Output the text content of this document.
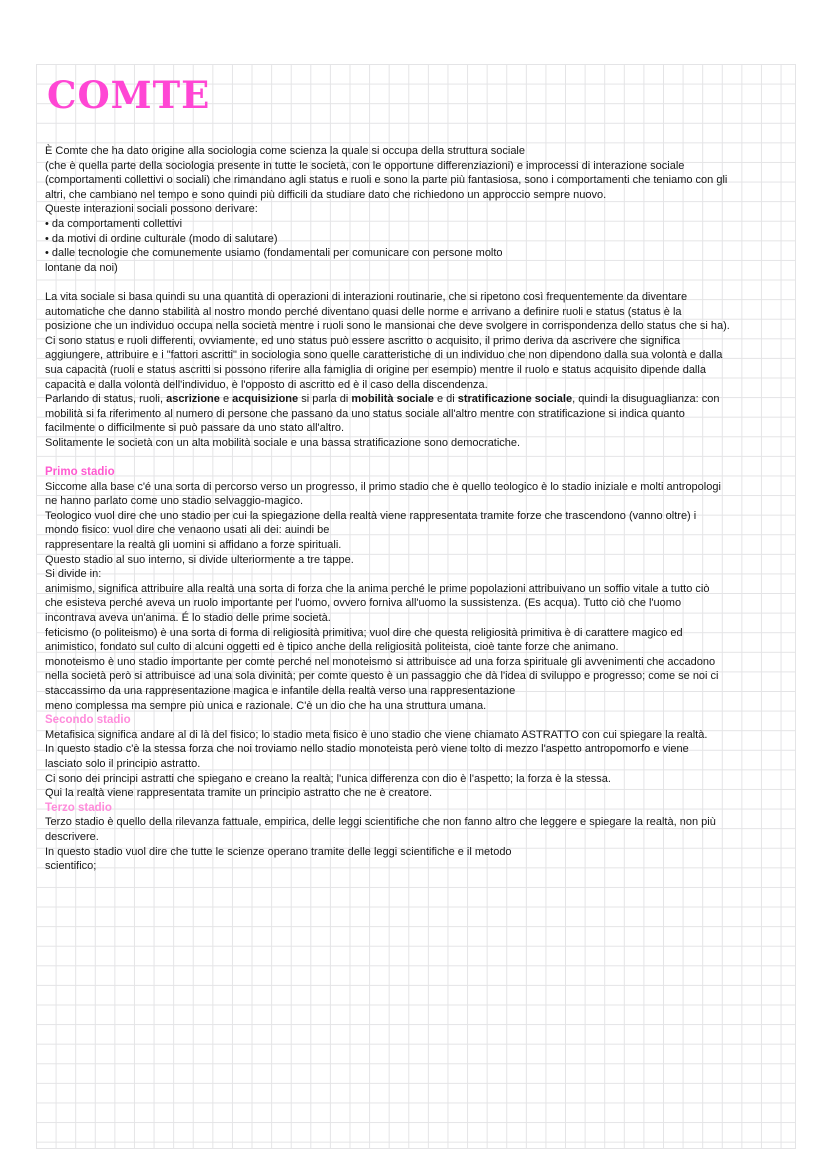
COMTE
È Comte che ha dato origine alla sociologia come scienza la quale si occupa della struttura sociale
(che è quella parte della sociologia presente in tutte le società, con le opportune differenziazioni) e improcessi di interazione sociale
(comportamenti collettivi o sociali) che rimandano agli status e ruoli e sono la parte più fantasiosa, sono i comportamenti che teniamo con gli
altri, che cambiano nel tempo e sono quindi più difficili da studiare dato che richiedono un approccio sempre nuovo.
Queste interazioni sociali possono derivare:
• da comportamenti collettivi
• da motivi di ordine culturale (modo di salutare)
• dalle tecnologie che comunemente usiamo (fondamentali per comunicare con persone molto
lontane da noi)

La vita sociale si basa quindi su una quantità di operazioni di interazioni routinarie, che si ripetono così frequentemente da diventare
automatiche che danno stabilità al nostro mondo perché diventano quasi delle norme e arrivano a definire ruoli e status (status è la
posizione che un individuo occupa nella società mentre i ruoli sono le mansionai che deve svolgere in corrispondenza dello status che si ha).
Ci sono status e ruoli differenti, ovviamente, ed uno status può essere ascritto o acquisito, il primo deriva da ascrivere che significa
aggiungere, attribuire e i "fattori ascritti" in sociologia sono quelle caratteristiche di un individuo che non dipendono dalla sua volontà e dalla
sua capacità (ruoli e status ascritti si possono riferire alla famiglia di origine per esempio) mentre il ruolo e status acquisito dipende dalla
capacità e dalla volontà dell'individuo, è l'opposto di ascritto ed è il caso della discendenza.
Parlando di status, ruoli, ascrizione e acquisizione si parla di mobilità sociale e di stratificazione sociale, quindi la disuguaglianza: con
mobilità si fa riferimento al numero di persone che passano da uno status sociale all'altro mentre con stratificazione si indica quanto
facilmente o difficilmente si può passare da uno stato all'altro.
Solitamente le società con un alta mobilità sociale e una bassa stratificazione sono democratiche.

Primo stadio
Siccome alla base c'é una sorta di percorso verso un progresso, il primo stadio che è quello teologico è lo stadio iniziale e molti antropologi
ne hanno parlato come uno stadio selvaggio-magico.
Teologico vuol dire che uno stadio per cui la spiegazione della realtà viene rappresentata tramite forze che trascendono (vanno oltre) i
mondo fisico: vuol dire che venaono usati ali dei: auindi be
rappresentare la realtà gli uomini si affidano a forze spirituali.
Questo stadio al suo interno, si divide ulteriormente a tre tappe.
Si divide in:
animismo, significa attribuire alla realtà una sorta di forza che la anima perché le prime popolazioni attribuivano un soffio vitale a tutto ciò
che esisteva perché aveva un ruolo importante per l'uomo, ovvero forniva all'uomo la sussistenza. (Es acqua). Tutto ciò che l'uomo
incontrava aveva un'anima. É lo stadio delle prime società.
feticismo (o politeismo) è una sorta di forma di religiosità primitiva; vuol dire che questa religiosità primitiva è di carattere magico ed
animistico, fondato sul culto di alcuni oggetti ed è tipico anche della religiosità politeista, cioè tante forze che animano.
monoteismo è uno stadio importante per comte perché nel monoteismo si attribuisce ad una forza spirituale gli avvenimenti che accadono
nella società però si attribuisce ad una sola divinità; per comte questo è un passaggio che dà l'idea di sviluppo e progresso; come se noi ci
staccassimo da una rappresentazione magica e infantile della realtà verso una rappresentazione
meno complessa ma sempre più unica e razionale. C'è un dio che ha una struttura umana.
Secondo stadio
Metafisica significa andare al di là del fisico; lo stadio meta fisico è uno stadio che viene chiamato ASTRATTO con cui spiegare la realtà.
In questo stadio c'è la stessa forza che noi troviamo nello stadio monoteista però viene tolto di mezzo l'aspetto antropomorfo e viene
lasciato solo il principio astratto.
Ci sono dei principi astratti che spiegano e creano la realtà; l'unica differenza con dio è l'aspetto; la forza è la stessa.
Qui la realtà viene rappresentata tramite un principio astratto che ne è creatore.
Terzo stadio
Terzo stadio è quello della rilevanza fattuale, empirica, delle leggi scientifiche che non fanno altro che leggere e spiegare la realtà, non più
descrivere.
In questo stadio vuol dire che tutte le scienze operano tramite delle leggi scientifiche e il metodo
scientifico;
